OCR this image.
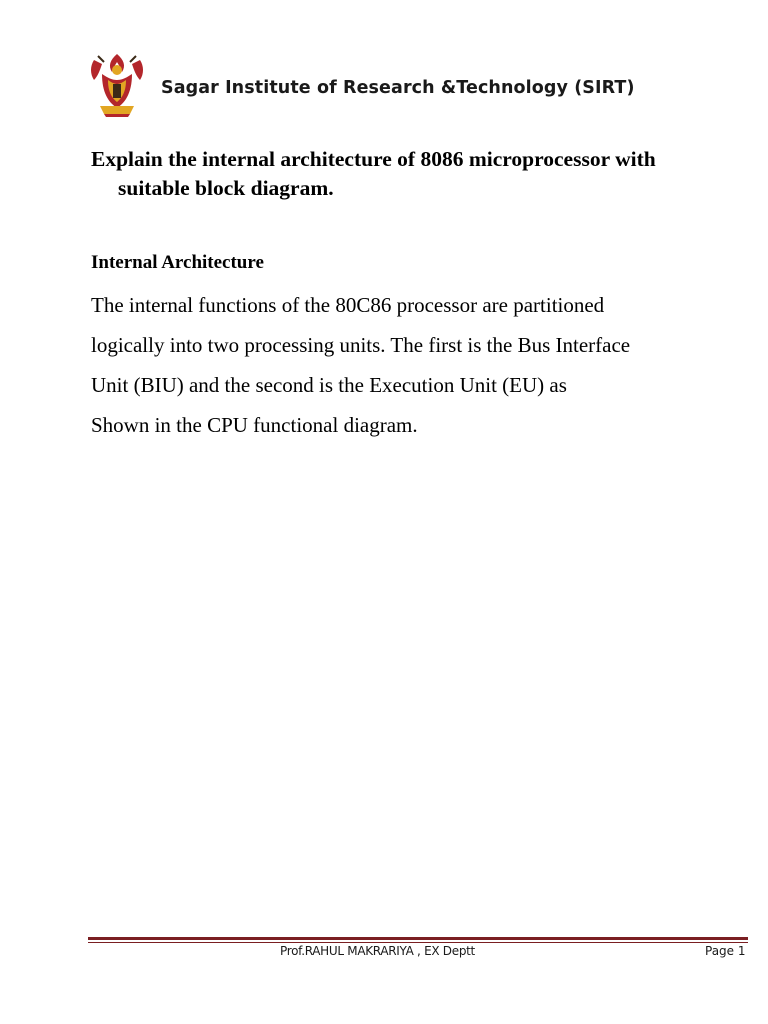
Sagar Institute of Research &Technology (SIRT)
Explain the internal architecture of 8086 microprocessor with
suitable block diagram.
Internal Architecture
The internal functions of the 80C86 processor are partitioned
logically into two processing units. The first is the Bus Interface
Unit (BIU) and the second is the Execution Unit (EU) as
Shown in the CPU functional diagram.
Prof.RAHUL MAKRARIYA , EX Deptt	Page 1
